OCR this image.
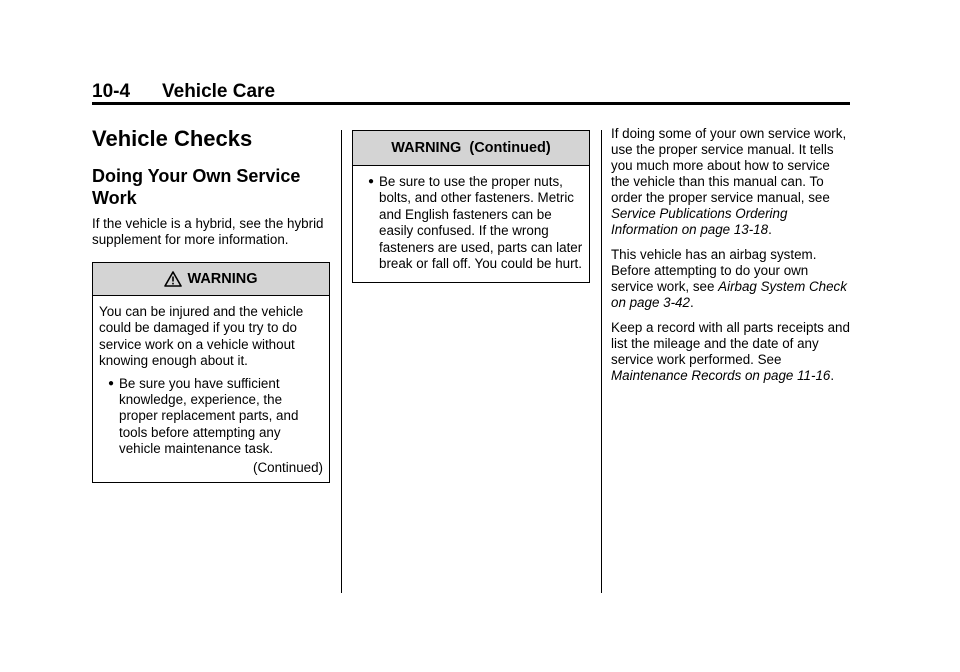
10-4 Vehicle Care
Vehicle Checks
Doing Your Own Service Work

If the vehicle is a hybrid, see the hybrid supplement for more information.

WARNING

You can be injured and the vehicle could be damaged if you try to do service work on a vehicle without knowing enough about it.

● Be sure you have sufficient knowledge, experience, the proper replacement parts, and tools before attempting any vehicle maintenance task.
(Continued)
WARNING  (Continued)
● Be sure to use the proper nuts, bolts, and other fasteners. Metric and English fasteners can be easily confused. If the wrong fasteners are used, parts can later break or fall off. You could be hurt.

If doing some of your own service work, use the proper service manual. It tells you much more about how to service the vehicle than this manual can. To order the proper service manual, see Service Publications Ordering Information on page 13-18.

This vehicle has an airbag system. Before attempting to do your own service work, see Airbag System Check on page 3-42.

Keep a record with all parts receipts and list the mileage and the date of any service work performed. See Maintenance Records on page 11-16.
